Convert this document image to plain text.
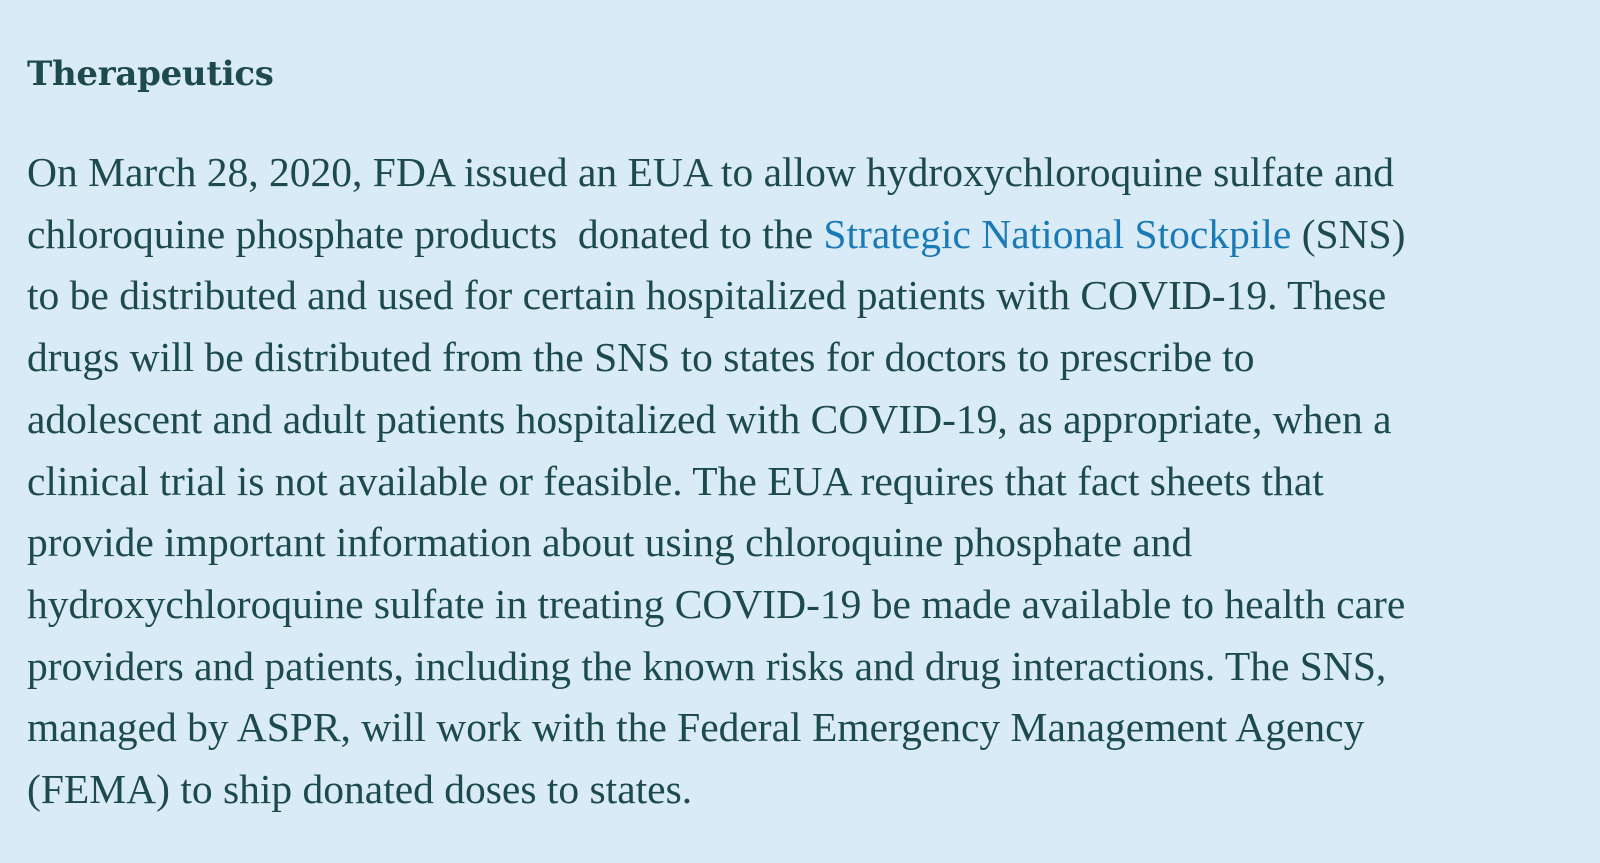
Therapeutics

On March 28, 2020, FDA issued an EUA to allow hydroxychloroquine sulfate and
chloroquine phosphate products  donated to the Strategic National Stockpile (SNS)
to be distributed and used for certain hospitalized patients with COVID-19. These
drugs will be distributed from the SNS to states for doctors to prescribe to
adolescent and adult patients hospitalized with COVID-19, as appropriate, when a
clinical trial is not available or feasible. The EUA requires that fact sheets that
provide important information about using chloroquine phosphate and
hydroxychloroquine sulfate in treating COVID-19 be made available to health care
providers and patients, including the known risks and drug interactions. The SNS,
managed by ASPR, will work with the Federal Emergency Management Agency
(FEMA) to ship donated doses to states.
